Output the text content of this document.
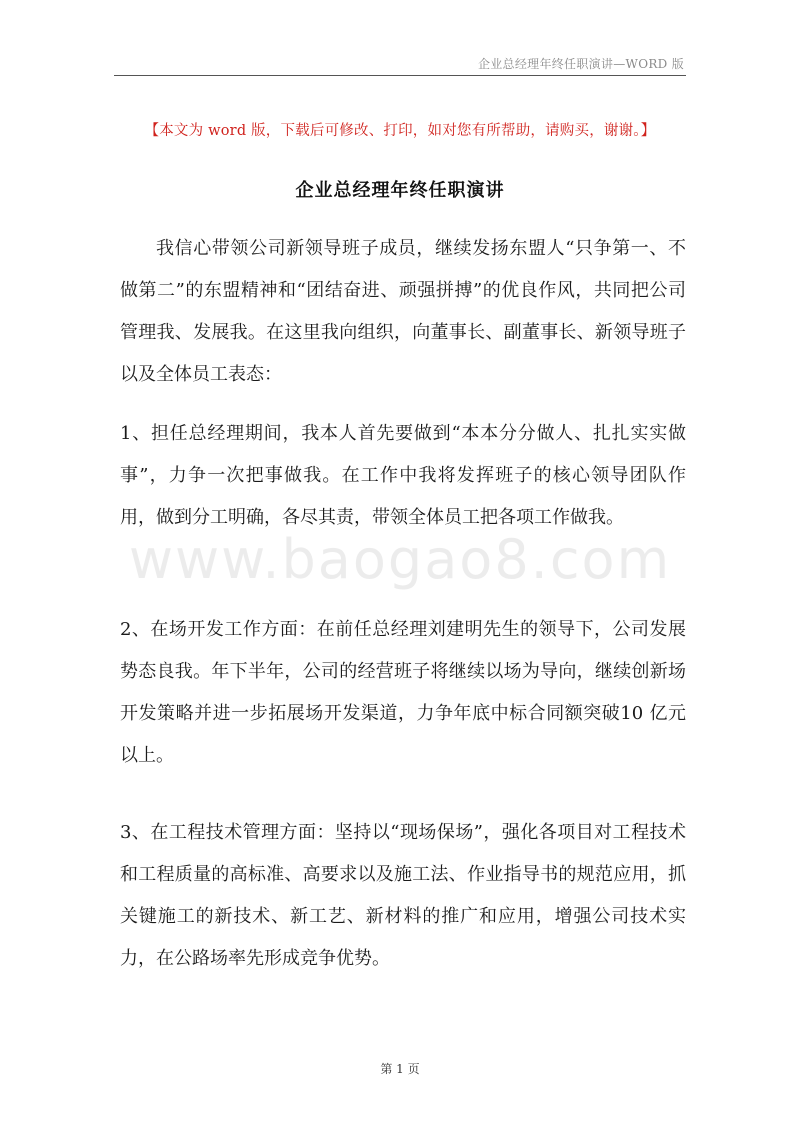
企业总经理年终任职演讲—WORD 版
【本文为 word 版，下载后可修改、打印，如对您有所帮助，请购买，谢谢。】
企业总经理年终任职演讲
www.baogao8.com

我信心带领公司新领导班子成员，继续发扬东盟人“只争第一、不做第二”的东盟精神和“团结奋进、顽强拼搏”的优良作风，共同把公司管理我、发展我。在这里我向组织，向董事长、副董事长、新领导班子以及全体员工表态：

1、担任总经理期间，我本人首先要做到“本本分分做人、扎扎实实做事”，力争一次把事做我。在工作中我将发挥班子的核心领导团队作用，做到分工明确，各尽其责，带领全体员工把各项工作做我。

2、在场开发工作方面：在前任总经理刘建明先生的领导下，公司发展势态良我。年下半年，公司的经营班子将继续以场为导向，继续创新场开发策略并进一步拓展场开发渠道，力争年底中标合同额突破10 亿元以上。

3、在工程技术管理方面：坚持以“现场保场”，强化各项目对工程技术和工程质量的高标准、高要求以及施工法、作业指导书的规范应用，抓关键施工的新技术、新工艺、新材料的推广和应用，增强公司技术实力，在公路场率先形成竞争优势。

第 1 页
